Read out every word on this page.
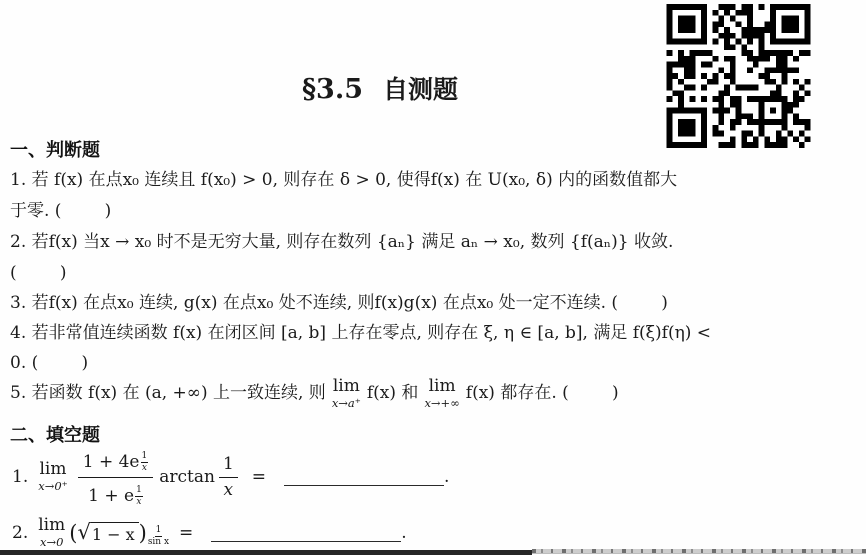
§3.5 自测题
一、判断题
1. 若 f(x) 在点x₀ 连续且 f(x₀) > 0, 则存在 δ > 0, 使得f(x) 在 U(x₀, δ) 内的函数值都大
于零. (        )
2. 若f(x) 当x → x₀ 时不是无穷大量, 则存在数列 {aₙ} 满足 aₙ → x₀, 数列 {f(aₙ)} 收敛.
(        )
3. 若f(x) 在点x₀ 连续, g(x) 在点x₀ 处不连续, 则f(x)g(x) 在点x₀ 处一定不连续. (        )
4. 若非常值连续函数 f(x) 在闭区间 [a, b] 上存在零点, 则存在 ξ, η ∈ [a, b], 满足 f(ξ)f(η) <
0. (        )
5. 若函数 f(x) 在 (a, +∞) 上一致连续, 则 lim
x→a⁺ f(x) 和 lim
x→+∞ f(x) 都存在. (        )
二、填空题
1. lim
x→0⁺ 1 + 4e $^{\frac{1}{x}}$
1 + e $^{\frac{1}{x}}$ $\arctan \frac{1}{x}$ =	.
2. lim
x→0 ( √ 1 − x ) $\frac{1}{\text{sin x}}$ =	.
